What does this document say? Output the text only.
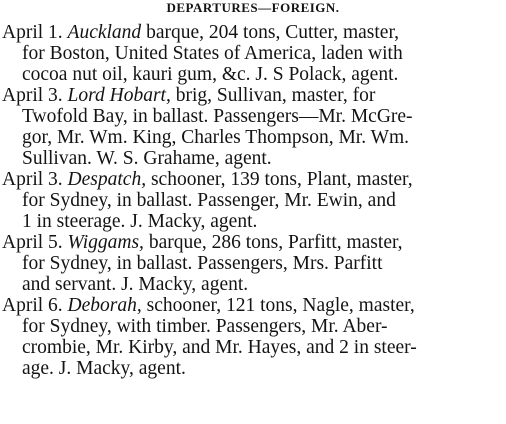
DEPARTURES—FOREIGN.
April 1. Auckland barque, 204 tons, Cutter, master,
for Boston, United States of America, laden with
cocoa nut oil, kauri gum, &c. J. S Polack, agent.
April 3. Lord Hobart, brig, Sullivan, master, for
Twofold Bay, in ballast. Passengers—Mr. McGre-
gor, Mr. Wm. King, Charles Thompson, Mr. Wm.
Sullivan. W. S. Grahame, agent.
April 3. Despatch, schooner, 139 tons, Plant, master,
for Sydney, in ballast. Passenger, Mr. Ewin, and
1 in steerage. J. Macky, agent.
April 5. Wiggams, barque, 286 tons, Parfitt, master,
for Sydney, in ballast. Passengers, Mrs. Parfitt
and servant. J. Macky, agent.
April 6. Deborah, schooner, 121 tons, Nagle, master,
for Sydney, with timber. Passengers, Mr. Aber-
crombie, Mr. Kirby, and Mr. Hayes, and 2 in steer-
age. J. Macky, agent.
